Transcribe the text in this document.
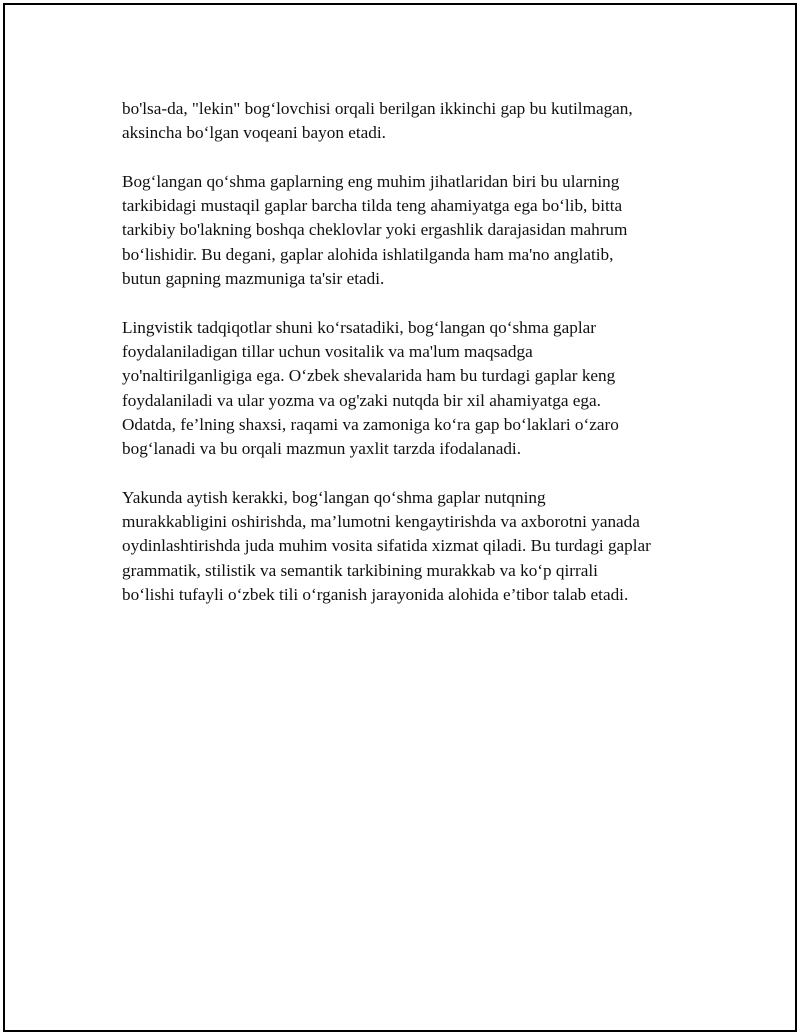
bo'lsa-da, "lekin" bog‘lovchisi orqali berilgan ikkinchi gap bu kutilmagan,
aksincha bo‘lgan voqeani bayon etadi.

Bog‘langan qo‘shma gaplarning eng muhim jihatlaridan biri bu ularning
tarkibidagi mustaqil gaplar barcha tilda teng ahamiyatga ega bo‘lib, bitta
tarkibiy bo'lakning boshqa cheklovlar yoki ergashlik darajasidan mahrum
bo‘lishidir. Bu degani, gaplar alohida ishlatilganda ham ma'no anglatib,
butun gapning mazmuniga ta'sir etadi.

Lingvistik tadqiqotlar shuni ko‘rsatadiki, bog‘langan qo‘shma gaplar
foydalaniladigan tillar uchun vositalik va ma'lum maqsadga
yo'naltirilganligiga ega. O‘zbek shevalarida ham bu turdagi gaplar keng
foydalaniladi va ular yozma va og'zaki nutqda bir xil ahamiyatga ega.
Odatda, fe’lning shaxsi, raqami va zamoniga ko‘ra gap bo‘laklari o‘zaro
bog‘lanadi va bu orqali mazmun yaxlit tarzda ifodalanadi.

Yakunda aytish kerakki, bog‘langan qo‘shma gaplar nutqning
murakkabligini oshirishda, ma’lumotni kengaytirishda va axborotni yanada
oydinlashtirishda juda muhim vosita sifatida xizmat qiladi. Bu turdagi gaplar
grammatik, stilistik va semantik tarkibining murakkab va ko‘p qirrali
bo‘lishi tufayli o‘zbek tili o‘rganish jarayonida alohida e’tibor talab etadi.
